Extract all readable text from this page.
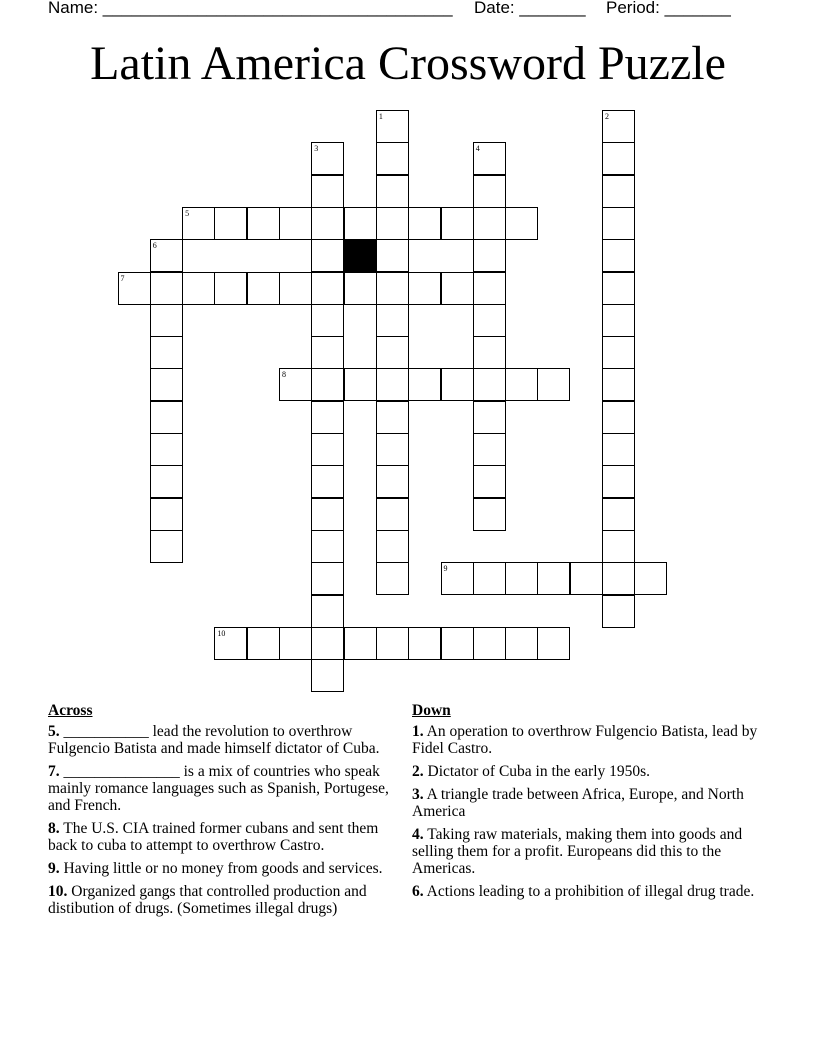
Name: _____________________________________ Date: _______ Period: _______
Latin America Crossword Puzzle
1	2
3	4
5
6
7
8
9
10
Across
5. ___________ lead the revolution to overthrow Fulgencio Batista and made himself dictator of Cuba.
7. _______________ is a mix of countries who speak mainly romance languages such as Spanish, Portugese, and French.
8. The U.S. CIA trained former cubans and sent them back to cuba to attempt to overthrow Castro.
9. Having little or no money from goods and services.
10. Organized gangs that controlled production and distibution of drugs. (Sometimes illegal drugs)
Down
1. An operation to overthrow Fulgencio Batista, lead by Fidel Castro.
2. Dictator of Cuba in the early 1950s.
3. A triangle trade between Africa, Europe, and North America
4. Taking raw materials, making them into goods and selling them for a profit. Europeans did this to the Americas.
6. Actions leading to a prohibition of illegal drug trade.
